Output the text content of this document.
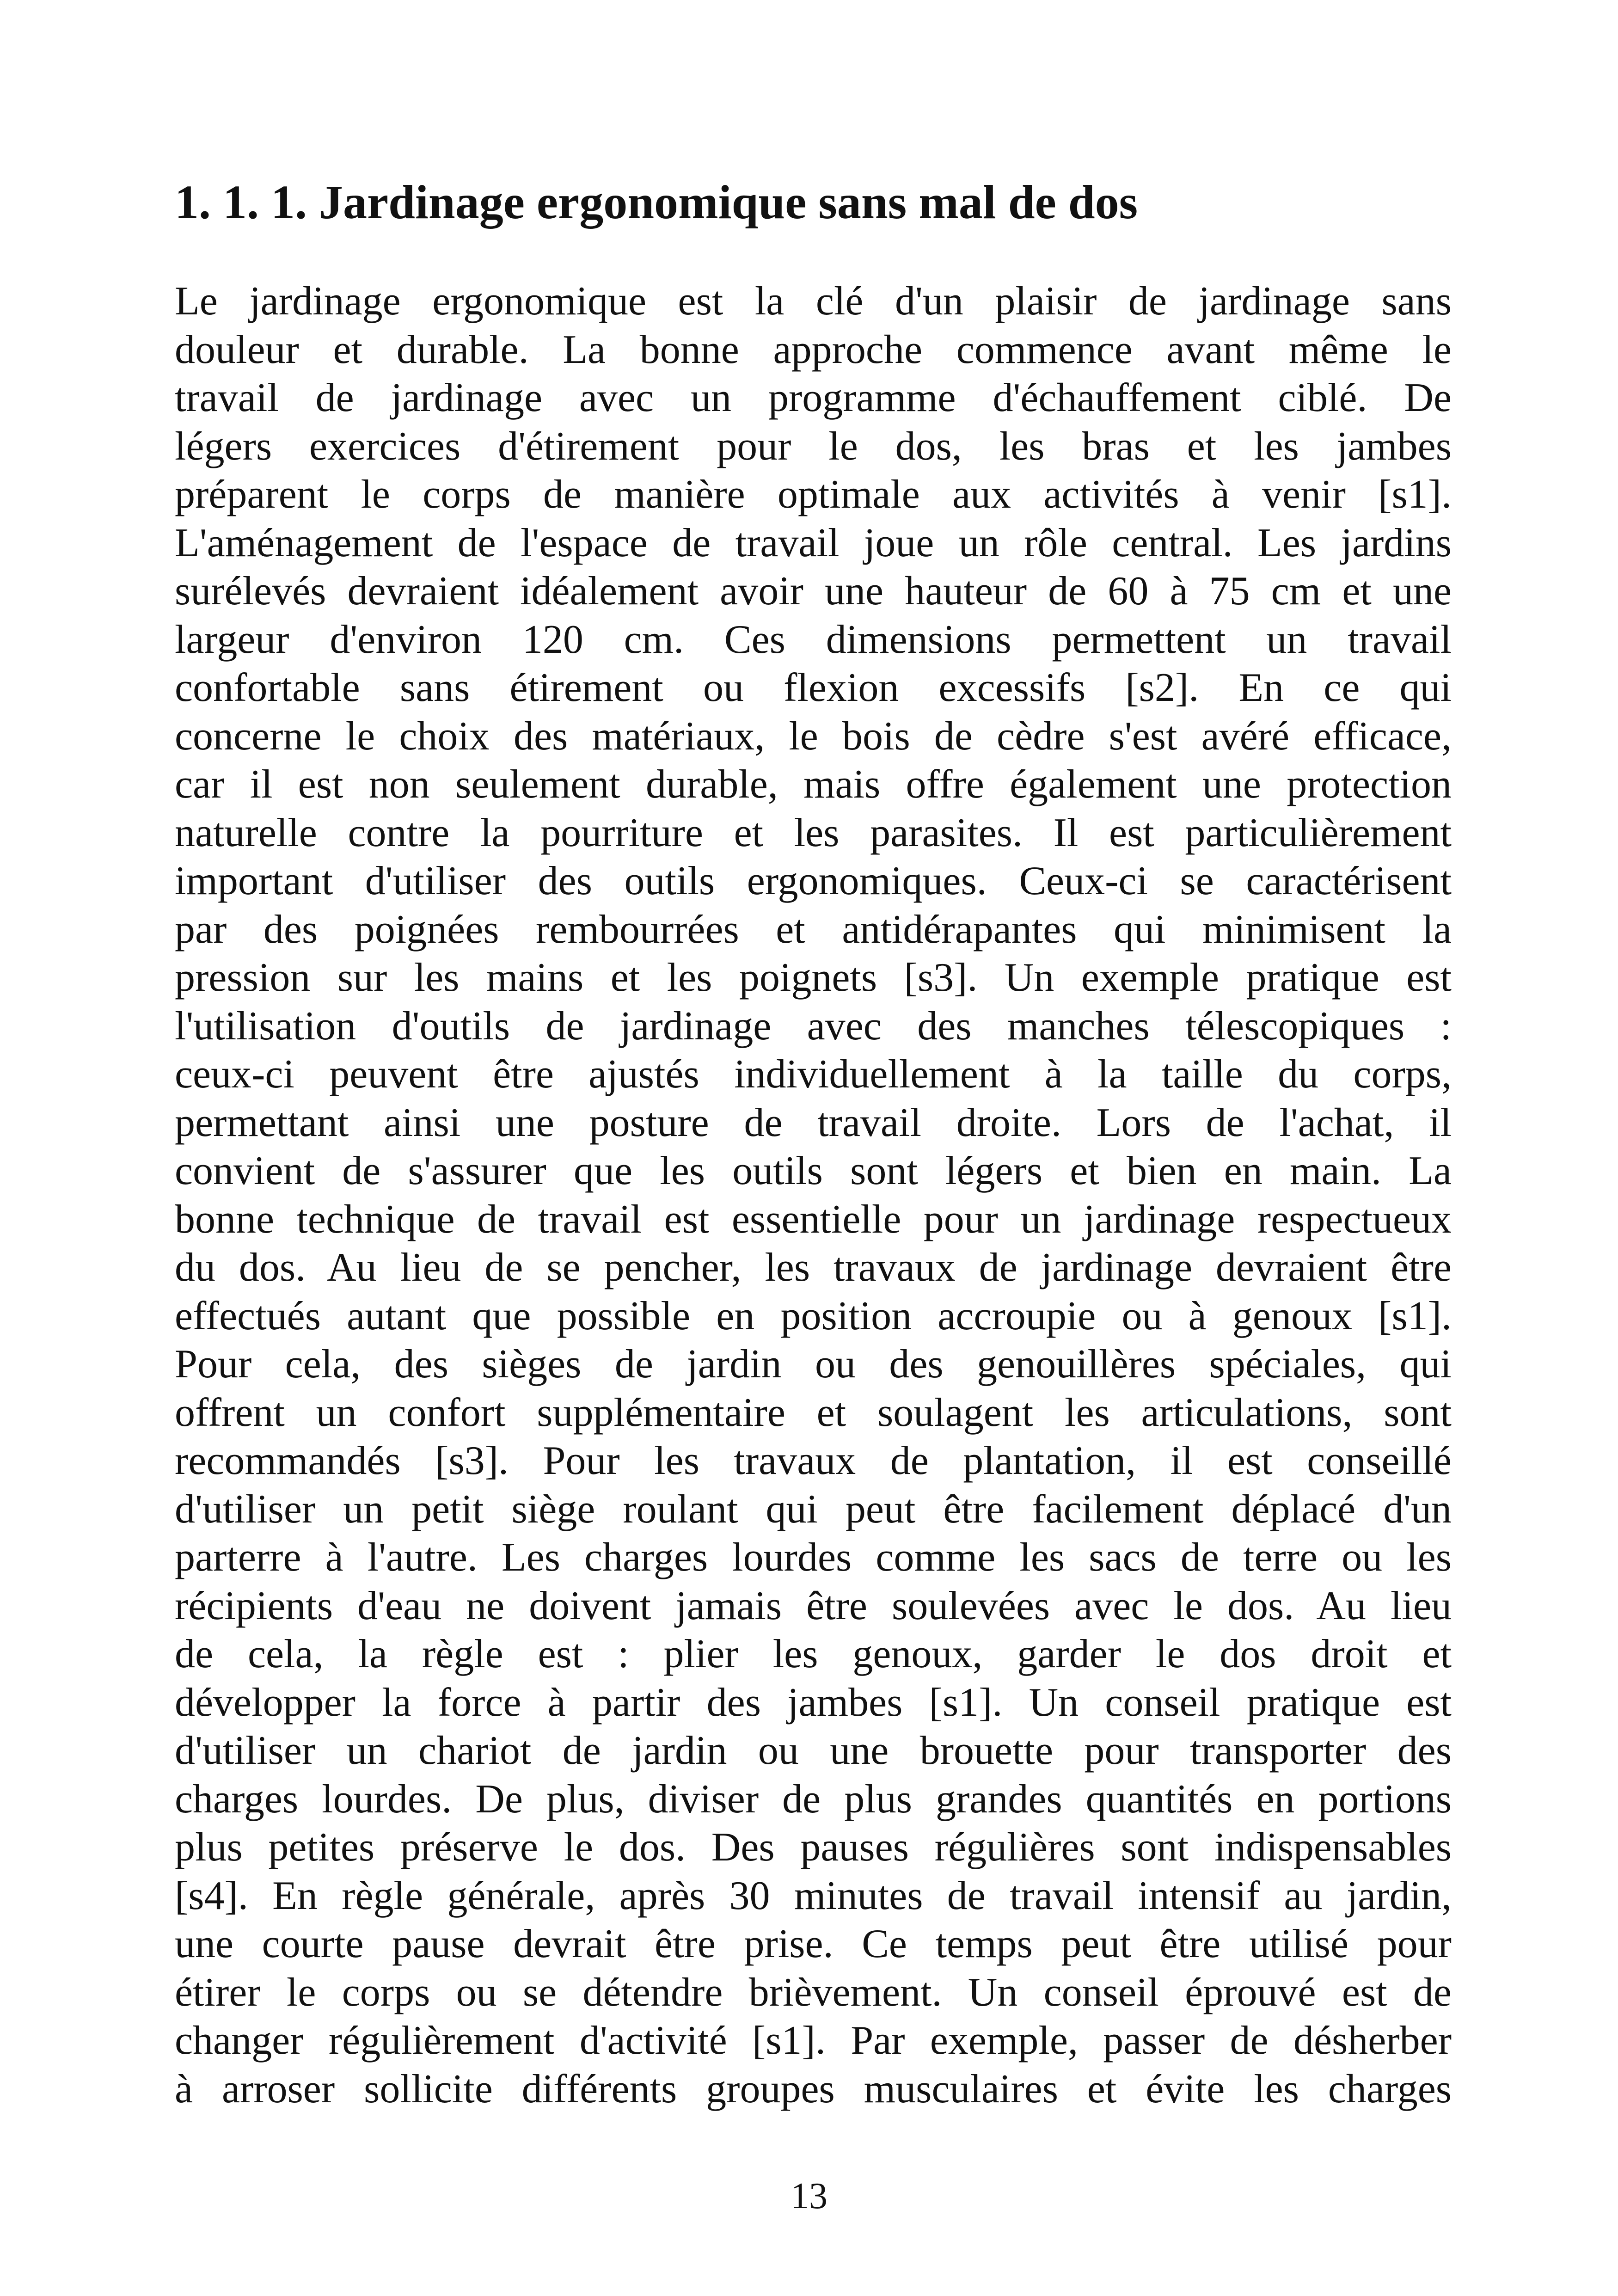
1. 1. 1. Jardinage ergonomique sans mal de dos
Le jardinage ergonomique est la clé d'un plaisir de jardinage sans
douleur et durable. La bonne approche commence avant même le
travail de jardinage avec un programme d'échauffement ciblé. De
légers exercices d'étirement pour le dos, les bras et les jambes
préparent le corps de manière optimale aux activités à venir [s1].
L'aménagement de l'espace de travail joue un rôle central. Les jardins
surélevés devraient idéalement avoir une hauteur de 60 à 75 cm et une
largeur d'environ 120 cm. Ces dimensions permettent un travail
confortable sans étirement ou flexion excessifs [s2]. En ce qui
concerne le choix des matériaux, le bois de cèdre s'est avéré efficace,
car il est non seulement durable, mais offre également une protection
naturelle contre la pourriture et les parasites. Il est particulièrement
important d'utiliser des outils ergonomiques. Ceux-ci se caractérisent
par des poignées rembourrées et antidérapantes qui minimisent la
pression sur les mains et les poignets [s3]. Un exemple pratique est
l'utilisation d'outils de jardinage avec des manches télescopiques :
ceux-ci peuvent être ajustés individuellement à la taille du corps,
permettant ainsi une posture de travail droite. Lors de l'achat, il
convient de s'assurer que les outils sont légers et bien en main. La
bonne technique de travail est essentielle pour un jardinage respectueux
du dos. Au lieu de se pencher, les travaux de jardinage devraient être
effectués autant que possible en position accroupie ou à genoux [s1].
Pour cela, des sièges de jardin ou des genouillères spéciales, qui
offrent un confort supplémentaire et soulagent les articulations, sont
recommandés [s3]. Pour les travaux de plantation, il est conseillé
d'utiliser un petit siège roulant qui peut être facilement déplacé d'un
parterre à l'autre. Les charges lourdes comme les sacs de terre ou les
récipients d'eau ne doivent jamais être soulevées avec le dos. Au lieu
de cela, la règle est : plier les genoux, garder le dos droit et
développer la force à partir des jambes [s1]. Un conseil pratique est
d'utiliser un chariot de jardin ou une brouette pour transporter des
charges lourdes. De plus, diviser de plus grandes quantités en portions
plus petites préserve le dos. Des pauses régulières sont indispensables
[s4]. En règle générale, après 30 minutes de travail intensif au jardin,
une courte pause devrait être prise. Ce temps peut être utilisé pour
étirer le corps ou se détendre brièvement. Un conseil éprouvé est de
changer régulièrement d'activité [s1]. Par exemple, passer de désherber
à arroser sollicite différents groupes musculaires et évite les charges
13
